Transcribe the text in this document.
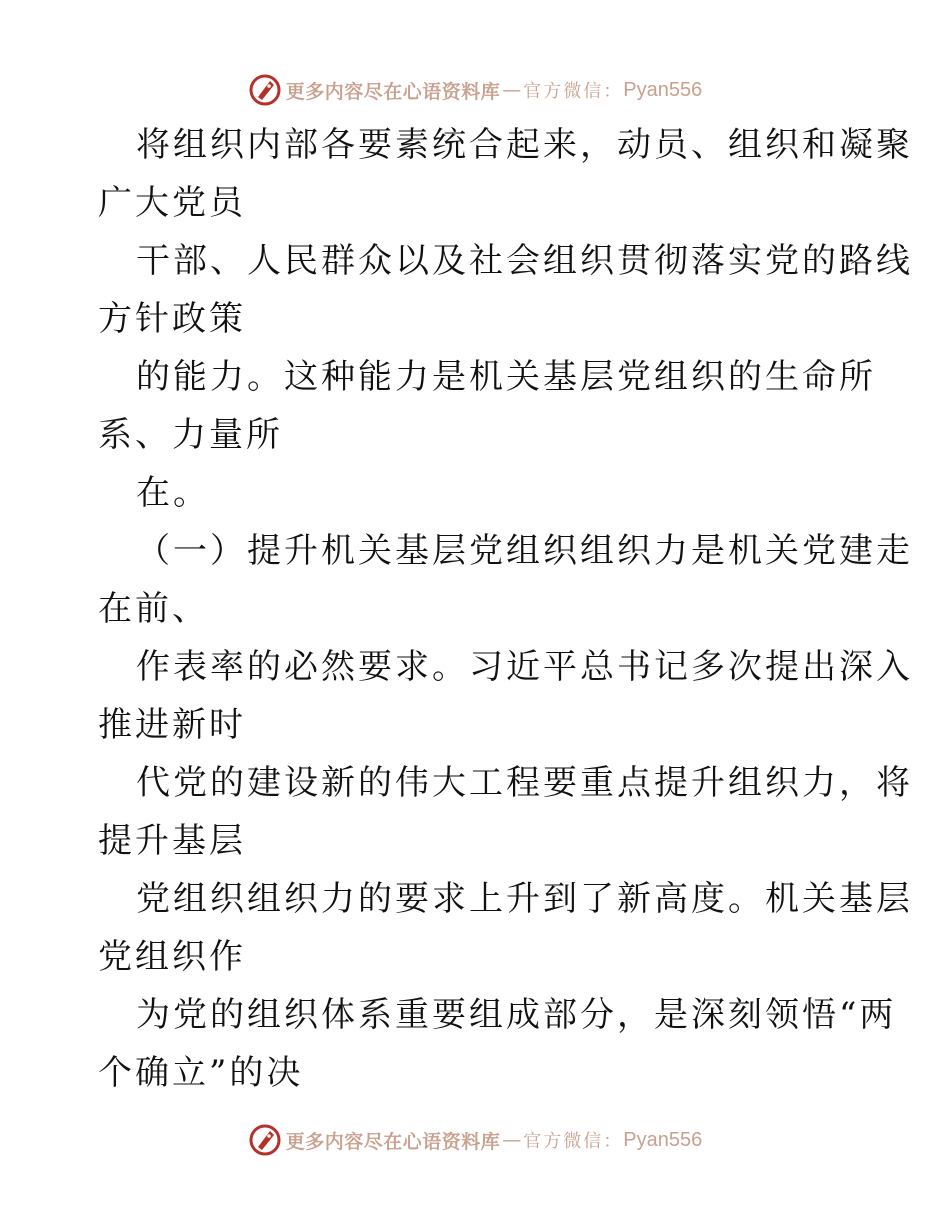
更多内容尽在心语资料库 — 官方微信： Pyan556
将组织内部各要素统合起来，动员、组织和凝聚
广大党员
干部、人民群众以及社会组织贯彻落实党的路线
方针政策
的能力。这种能力是机关基层党组织的生命所
系、力量所
在。
（一）提升机关基层党组织组织力是机关党建走
在前、
作表率的必然要求。习近平总书记多次提出深入
推进新时
代党的建设新的伟大工程要重点提升组织力，将
提升基层
党组织组织力的要求上升到了新高度。机关基层
党组织作
为党的组织体系重要组成部分，是深刻领悟“两
个确立”的决
更多内容尽在心语资料库 — 官方微信： Pyan556
